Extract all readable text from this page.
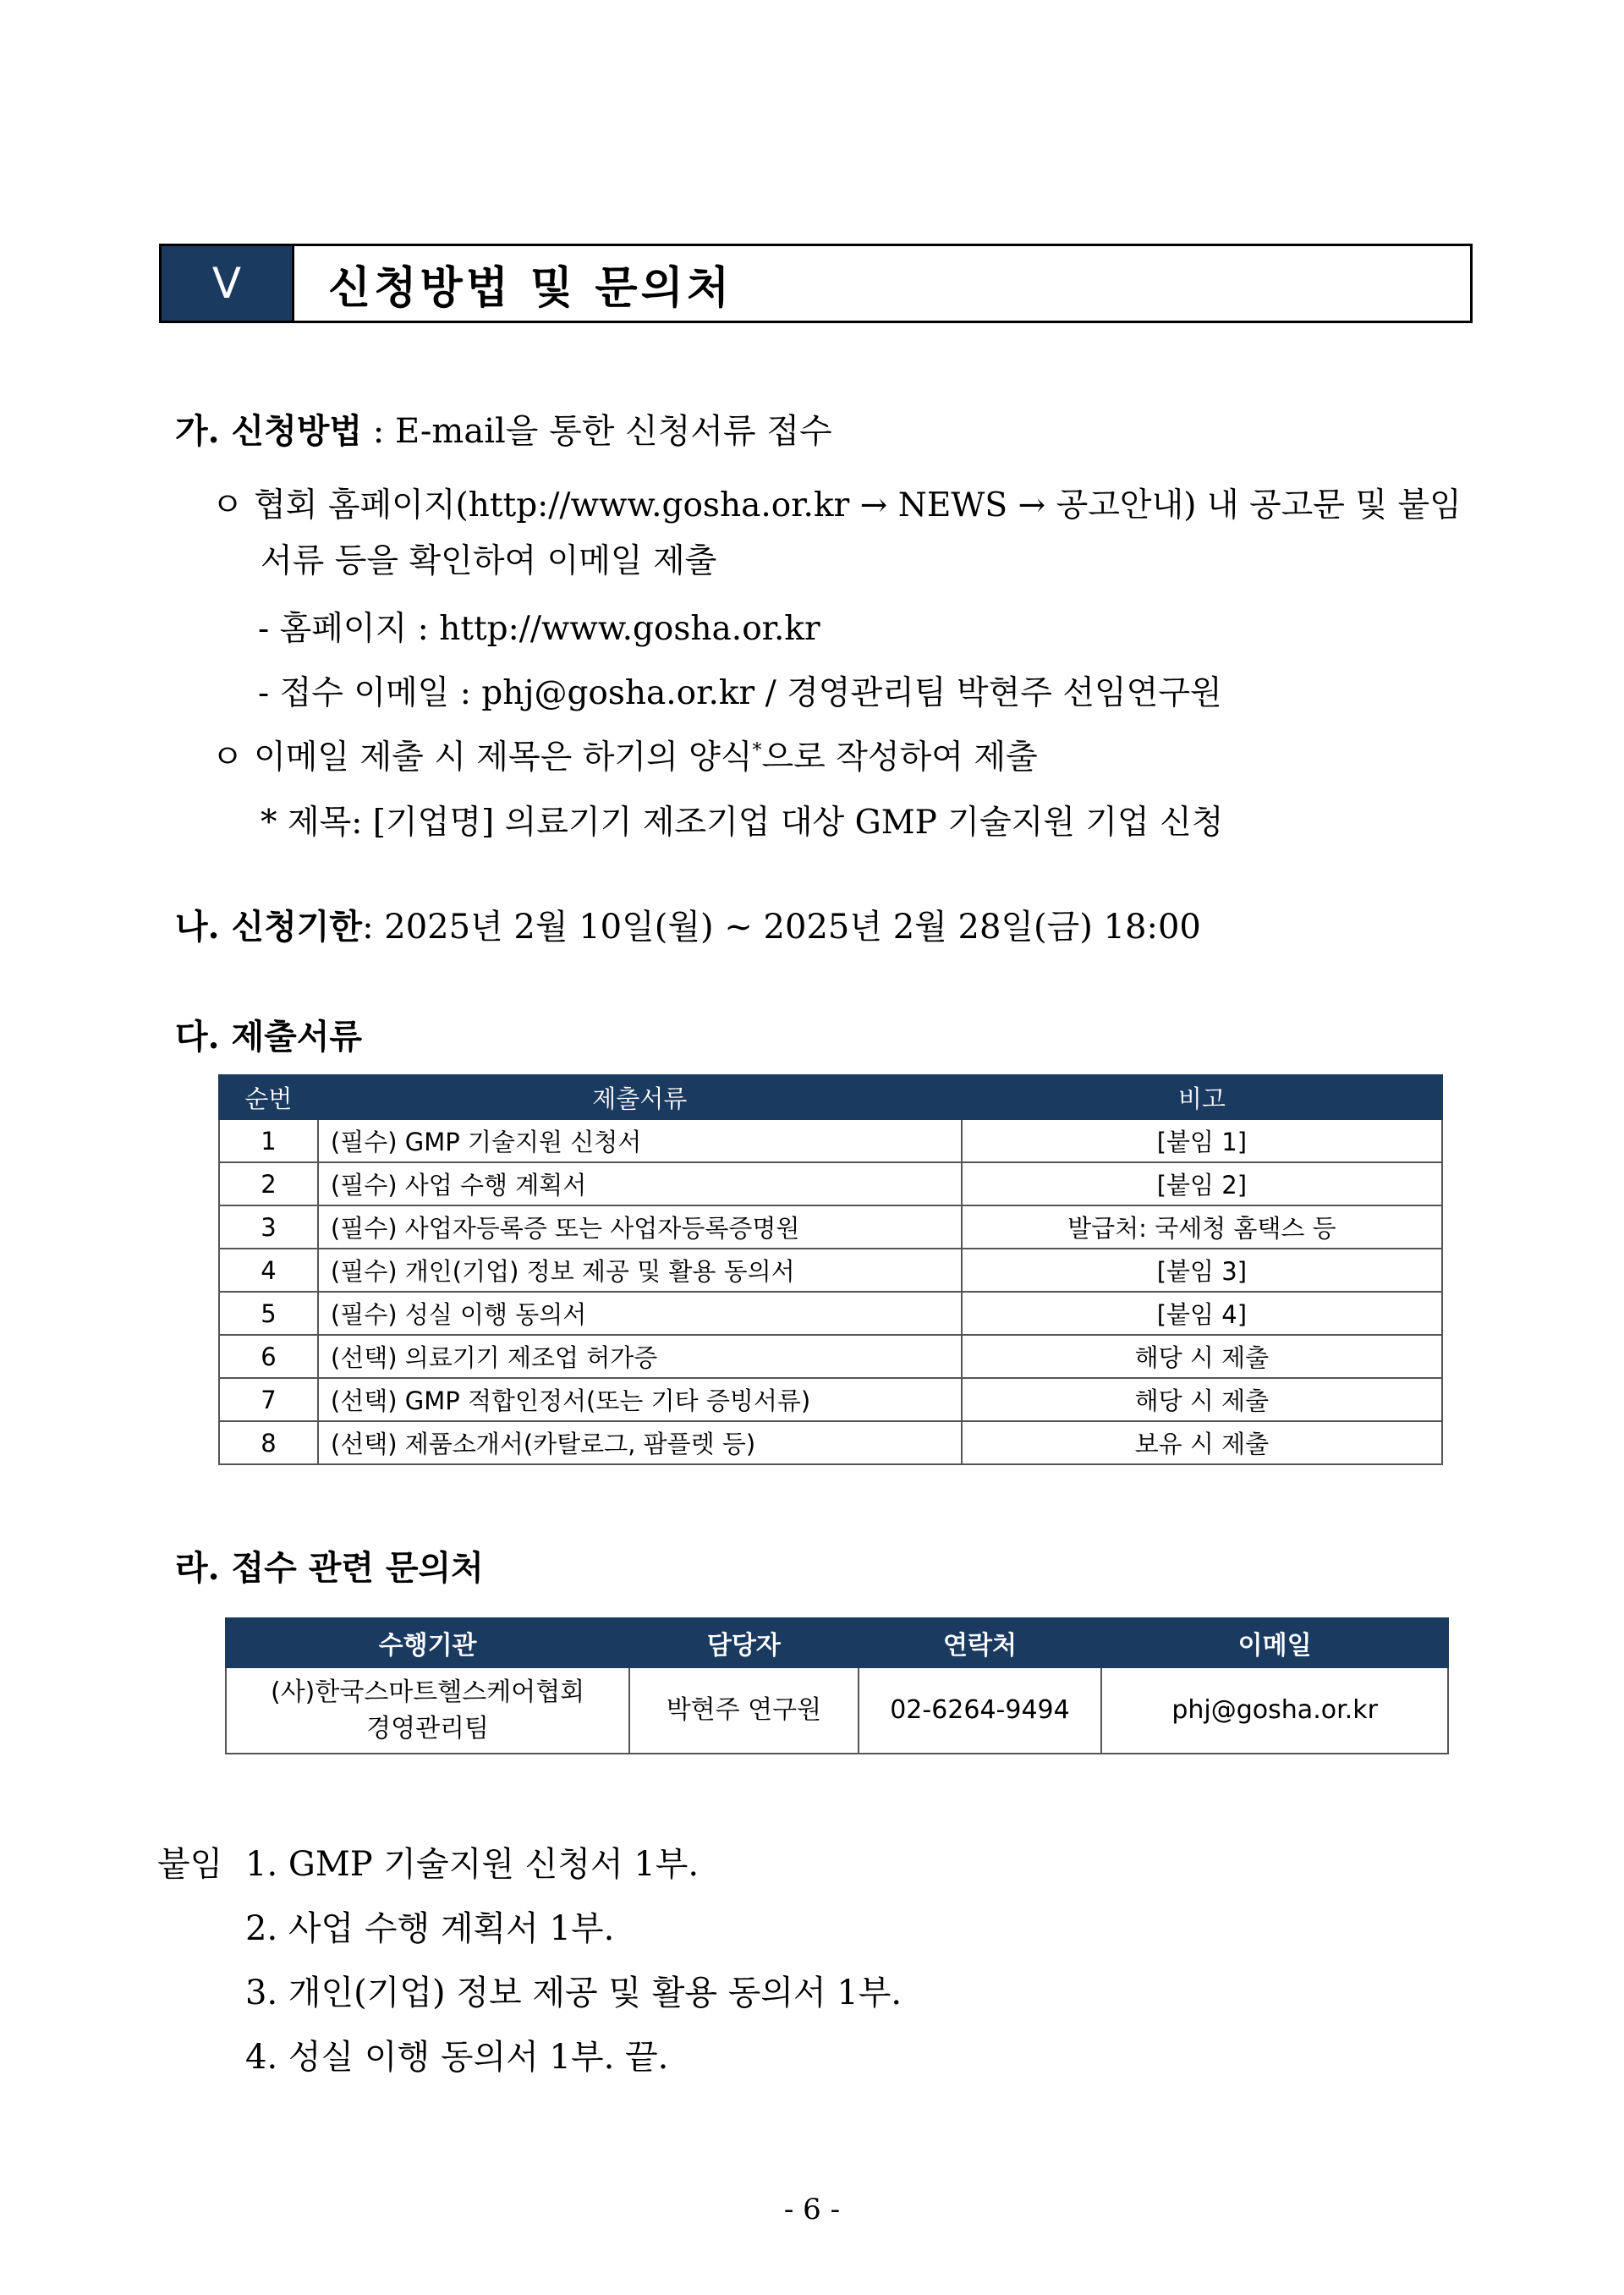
Ⅴ	신청방법 및 문의처
가. 신청방법 : E-mail을 통한 신청서류 접수
ㅇ 협회 홈페이지(http://www.gosha.or.kr → NEWS → 공고안내) 내 공고문 및 붙임
서류 등을 확인하여 이메일 제출
- 홈페이지 : http://www.gosha.or.kr
- 접수 이메일 : phj@gosha.or.kr / 경영관리팀 박현주 선임연구원
ㅇ 이메일 제출 시 제목은 하기의 양식*으로 작성하여 제출
* 제목: [기업명] 의료기기 제조기업 대상 GMP 기술지원 기업 신청
나. 신청기한: 2025년 2월 10일(월) ~ 2025년 2월 28일(금) 18:00
다. 제출서류
순번	제출서류	비고
1	(필수) GMP 기술지원 신청서	[붙임 1]
2	(필수) 사업 수행 계획서	[붙임 2]
3	(필수) 사업자등록증 또는 사업자등록증명원	발급처: 국세청 홈택스 등
4	(필수) 개인(기업) 정보 제공 및 활용 동의서	[붙임 3]
5	(필수) 성실 이행 동의서	[붙임 4]
6	(선택) 의료기기 제조업 허가증	해당 시 제출
7	(선택) GMP 적합인정서(또는 기타 증빙서류)	해당 시 제출
8	(선택) 제품소개서(카탈로그, 팜플렛 등)	보유 시 제출
라. 접수 관련 문의처
수행기관	담당자	연락처	이메일

(사)한국스마트헬스케어협회
경영관리팀	박현주 연구원	02-6264-9494	phj@gosha.or.kr
붙임 1. GMP 기술지원 신청서 1부.
2. 사업 수행 계획서 1부.
3. 개인(기업) 정보 제공 및 활용 동의서 1부.
4. 성실 이행 동의서 1부. 끝.
- 6 -
